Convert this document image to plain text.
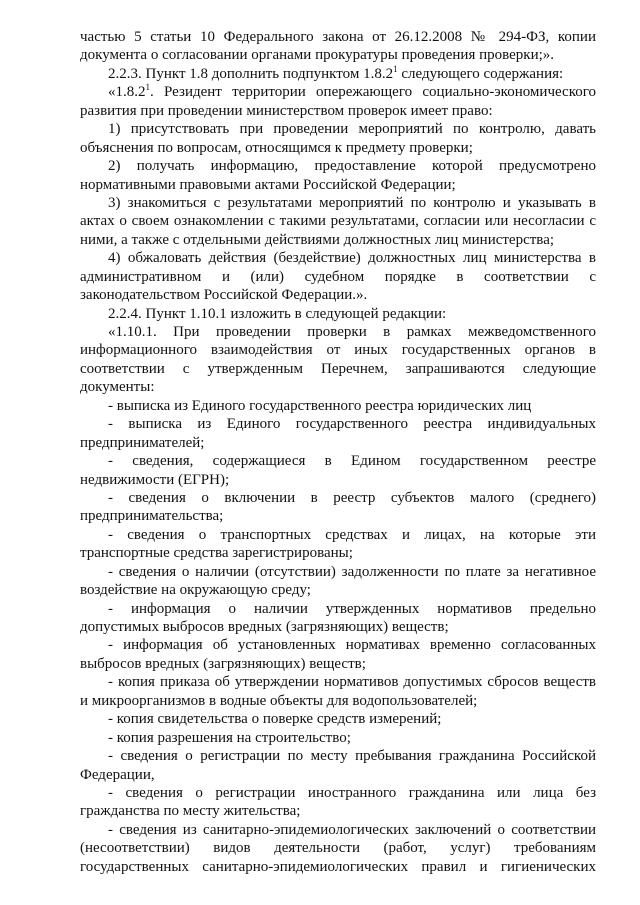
частью 5 статьи 10 Федерального закона от 26.12.2008 № 294-ФЗ, копии
документа о согласовании органами прокуратуры проведения проверки;».
2.2.3. Пункт 1.8 дополнить подпунктом 1.8.2$^1$ следующего содержания:
«1.8.2$^1$. Резидент территории опережающего социально-экономического
развития при проведении министерством проверок имеет право:
1) присутствовать при проведении мероприятий по контролю, давать
объяснения по вопросам, относящимся к предмету проверки;
2) получать информацию, предоставление которой предусмотрено
нормативными правовыми актами Российской Федерации;
3) знакомиться с результатами мероприятий по контролю и указывать в
актах о своем ознакомлении с такими результатами, согласии или несогласии с
ними, а также с отдельными действиями должностных лиц министерства;
4) обжаловать действия (бездействие) должностных лиц министерства в
административном и (или) судебном порядке в соответствии с
законодательством Российской Федерации.».
2.2.4. Пункт 1.10.1 изложить в следующей редакции:
«1.10.1. При проведении проверки в рамках межведомственного
информационного взаимодействия от иных государственных органов в
соответствии с утвержденным Перечнем, запрашиваются следующие
документы:
- выписка из Единого государственного реестра юридических лиц
- выписка из Единого государственного реестра индивидуальных
предпринимателей;
- сведения, содержащиеся в Едином государственном реестре
недвижимости (ЕГРН);
- сведения о включении в реестр субъектов малого (среднего)
предпринимательства;
- сведения о транспортных средствах и лицах, на которые эти
транспортные средства зарегистрированы;
- сведения о наличии (отсутствии) задолженности по плате за негативное
воздействие на окружающую среду;
- информация о наличии утвержденных нормативов предельно
допустимых выбросов вредных (загрязняющих) веществ;
- информация об установленных нормативах временно согласованных
выбросов вредных (загрязняющих) веществ;
- копия приказа об утверждении нормативов допустимых сбросов веществ
и микроорганизмов в водные объекты для водопользователей;
- копия свидетельства о поверке средств измерений;
- копия разрешения на строительство;
- сведения о регистрации по месту пребывания гражданина Российской
Федерации,
- сведения о регистрации иностранного гражданина или лица без
гражданства по месту жительства;
- сведения из санитарно-эпидемиологических заключений о соответствии
(несоответствии) видов деятельности (работ, услуг) требованиям
государственных санитарно-эпидемиологических правил и гигиенических
